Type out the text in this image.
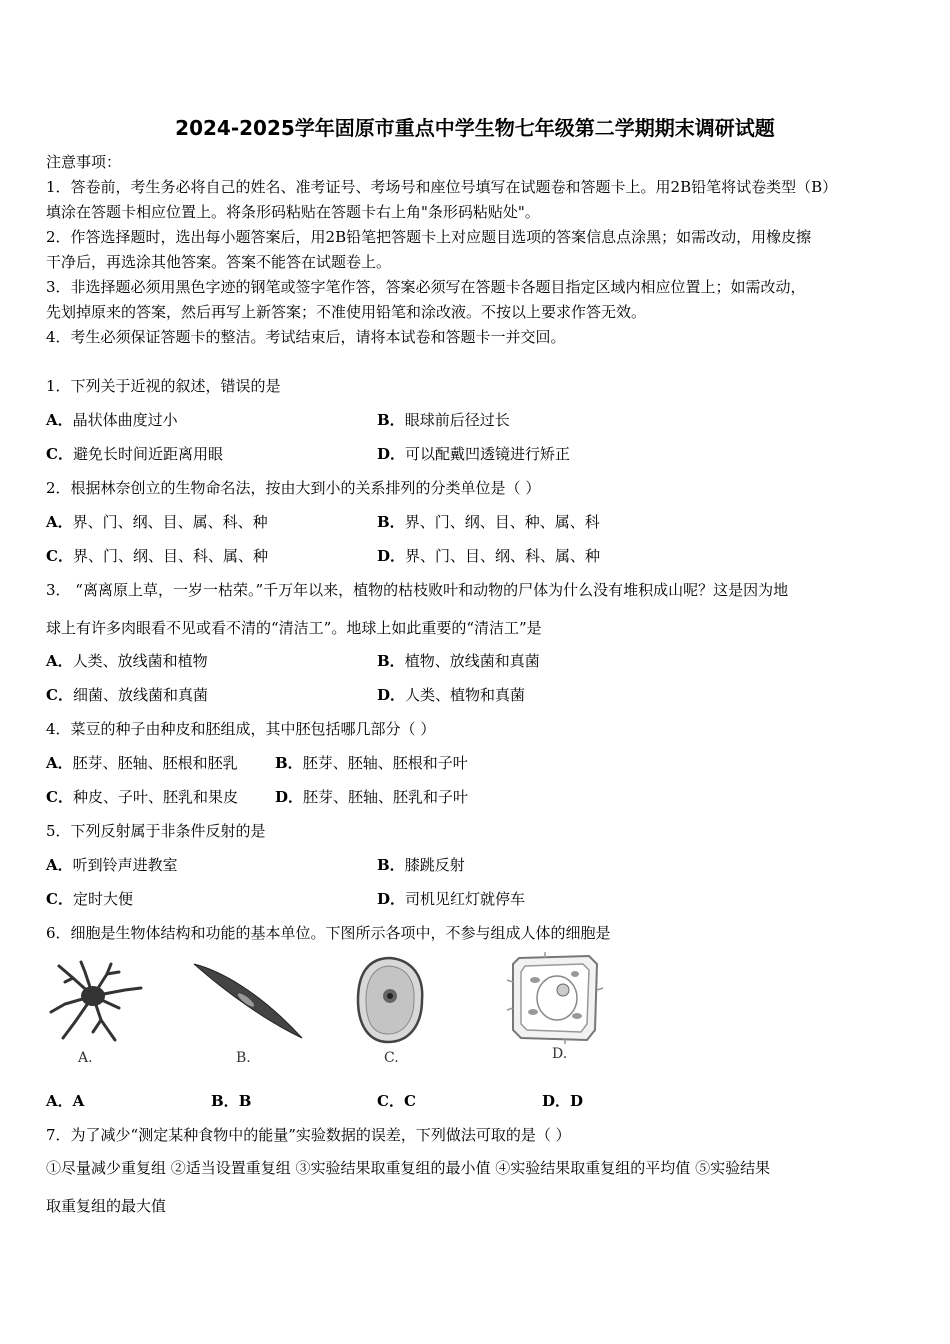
2024-2025学年固原市重点中学生物七年级第二学期期末调研试题
注意事项：
1．答卷前，考生务必将自己的姓名、准考证号、考场号和座位号填写在试题卷和答题卡上。用2B铅笔将试卷类型（B）
填涂在答题卡相应位置上。将条形码粘贴在答题卡右上角"条形码粘贴处"。
2．作答选择题时，选出每小题答案后，用2B铅笔把答题卡上对应题目选项的答案信息点涂黑；如需改动，用橡皮擦
干净后，再选涂其他答案。答案不能答在试题卷上。
3．非选择题必须用黑色字迹的钢笔或签字笔作答，答案必须写在答题卡各题目指定区域内相应位置上；如需改动，
先划掉原来的答案，然后再写上新答案；不准使用铅笔和涂改液。不按以上要求作答无效。
4．考生必须保证答题卡的整洁。考试结束后，请将本试卷和答题卡一并交回。
1．下列关于近视的叙述，错误的是
A．晶状体曲度过小	B．眼球前后径过长
C．避免长时间近距离用眼	D．可以配戴凹透镜进行矫正
2．根据林奈创立的生物命名法，按由大到小的关系排列的分类单位是（ ）
A．界、门、纲、目、属、科、种	B．界、门、纲、目、种、属、科
C．界、门、纲、目、科、属、种	D．界、门、目、纲、科、属、种
3． “离离原上草，一岁一枯荣。”千万年以来，植物的枯枝败叶和动物的尸体为什么没有堆积成山呢？这是因为地
球上有许多肉眼看不见或看不清的“清洁工”。地球上如此重要的“清洁工”是
A．人类、放线菌和植物	B．植物、放线菌和真菌
C．细菌、放线菌和真菌	D．人类、植物和真菌
4．菜豆的种子由种皮和胚组成，其中胚包括哪几部分（ ）
A．胚芽、胚轴、胚根和胚乳 B．胚芽、胚轴、胚根和子叶
C．种皮、子叶、胚乳和果皮 D．胚芽、胚轴、胚乳和子叶
5．下列反射属于非条件反射的是
A．听到铃声进教室	B．膝跳反射
C．定时大便	D．司机见红灯就停车
6．细胞是生物体结构和功能的基本单位。下图所示各项中，不参与组成人体的细胞是
A.	B.	C.	D.
A．A	B．B	C．C	D．D
7．为了减少“测定某种食物中的能量”实验数据的误差，下列做法可取的是（ ）
①尽量减少重复组 ②适当设置重复组 ③实验结果取重复组的最小值 ④实验结果取重复组的平均值 ⑤实验结果
取重复组的最大值
